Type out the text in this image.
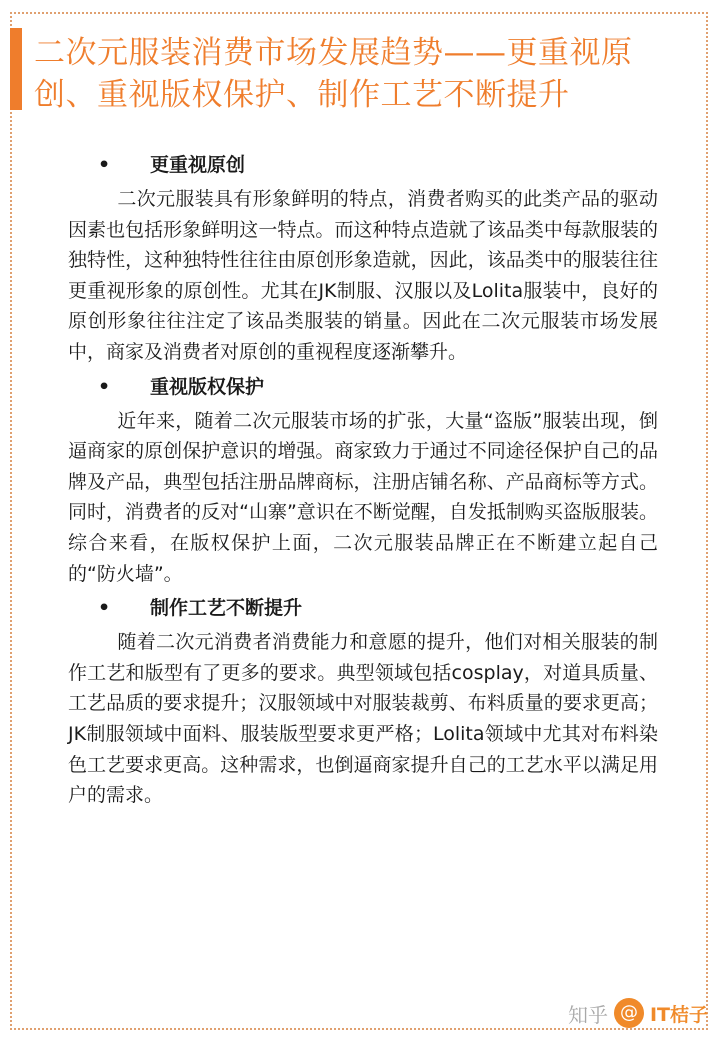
二次元服装消费市场发展趋势——更重视原创、重视版权保护、制作工艺不断提升
• 更重视原创

二次元服装具有形象鲜明的特点，消费者购买的此类产品的驱动因素也包括形象鲜明这一特点。而这种特点造就了该品类中每款服装的独特性，这种独特性往往由原创形象造就，因此，该品类中的服装往往更重视形象的原创性。尤其在JK制服、汉服以及Lolita服装中，良好的原创形象往往注定了该品类服装的销量。因此在二次元服装市场发展中，商家及消费者对原创的重视程度逐渐攀升。

• 重视版权保护

近年来，随着二次元服装市场的扩张，大量“盗版”服装出现，倒逼商家的原创保护意识的增强。商家致力于通过不同途径保护自己的品牌及产品，典型包括注册品牌商标，注册店铺名称、产品商标等方式。同时，消费者的反对“山寨”意识在不断觉醒，自发抵制购买盗版服装。综合来看，在版权保护上面，二次元服装品牌正在不断建立起自己的“防火墙”。

• 制作工艺不断提升

随着二次元消费者消费能力和意愿的提升，他们对相关服装的制作工艺和版型有了更多的要求。典型领域包括cosplay，对道具质量、工艺品质的要求提升；汉服领域中对服装裁剪、布料质量的要求更高；JK制服领域中面料、服装版型要求更严格；Lolita领域中尤其对布料染色工艺要求更高。这种需求，也倒逼商家提升自己的工艺水平以满足用户的需求。

知乎 @ IT桔子
